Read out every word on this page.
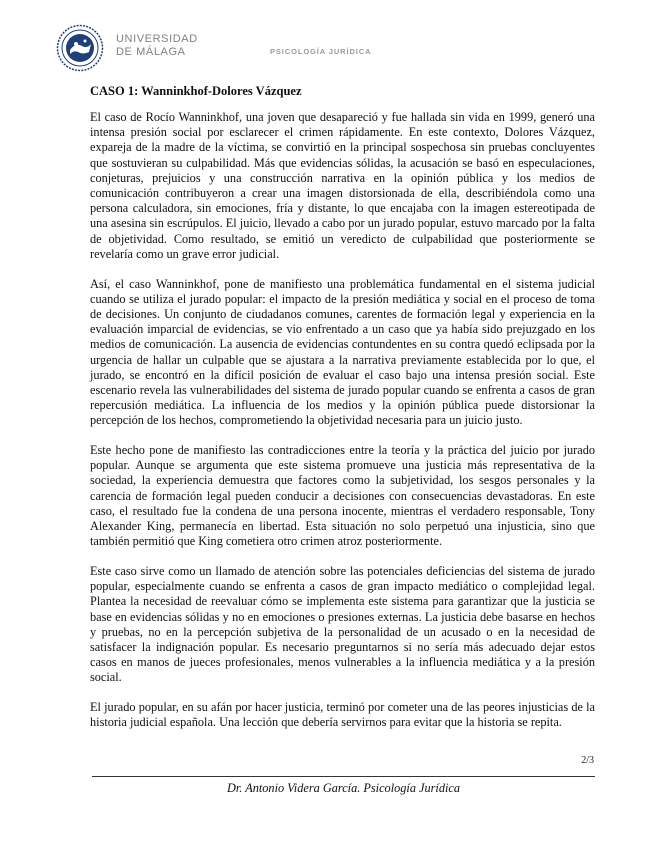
UNIVERSIDAD
DE MÁLAGA	PSICOLOGÍA JURÍDICA
CASO 1: Wanninkhof-Dolores Vázquez

El caso de Rocío Wanninkhof, una joven que desapareció y fue hallada sin vida en 1999, generó una intensa presión social por esclarecer el crimen rápidamente. En este contexto, Dolores Vázquez, expareja de la madre de la víctima, se convirtió en la principal sospechosa sin pruebas concluyentes que sostuvieran su culpabilidad. Más que evidencias sólidas, la acusación se basó en especulaciones, conjeturas, prejuicios y una construcción narrativa en la opinión pública y los medios de comunicación contribuyeron a crear una imagen distorsionada de ella, describiéndola como una persona calculadora, sin emociones, fría y distante, lo que encajaba con la imagen estereotipada de una asesina sin escrúpulos. El juicio, llevado a cabo por un jurado popular, estuvo marcado por la falta de objetividad. Como resultado, se emitió un veredicto de culpabilidad que posteriormente se revelaría como un grave error judicial.

Así, el caso Wanninkhof, pone de manifiesto una problemática fundamental en el sistema judicial cuando se utiliza el jurado popular: el impacto de la presión mediática y social en el proceso de toma de decisiones. Un conjunto de ciudadanos comunes, carentes de formación legal y experiencia en la evaluación imparcial de evidencias, se vio enfrentado a un caso que ya había sido prejuzgado en los medios de comunicación. La ausencia de evidencias contundentes en su contra quedó eclipsada por la urgencia de hallar un culpable que se ajustara a la narrativa previamente establecida por lo que, el jurado, se encontró en la difícil posición de evaluar el caso bajo una intensa presión social. Este escenario revela las vulnerabilidades del sistema de jurado popular cuando se enfrenta a casos de gran repercusión mediática. La influencia de los medios y la opinión pública puede distorsionar la percepción de los hechos, comprometiendo la objetividad necesaria para un juicio justo.

Este hecho pone de manifiesto las contradicciones entre la teoría y la práctica del juicio por jurado popular. Aunque se argumenta que este sistema promueve una justicia más representativa de la sociedad, la experiencia demuestra que factores como la subjetividad, los sesgos personales y la carencia de formación legal pueden conducir a decisiones con consecuencias devastadoras. En este caso, el resultado fue la condena de una persona inocente, mientras el verdadero responsable, Tony Alexander King, permanecía en libertad. Esta situación no solo perpetuó una injusticia, sino que también permitió que King cometiera otro crimen atroz posteriormente.

Este caso sirve como un llamado de atención sobre las potenciales deficiencias del sistema de jurado popular, especialmente cuando se enfrenta a casos de gran impacto mediático o complejidad legal. Plantea la necesidad de reevaluar cómo se implementa este sistema para garantizar que la justicia se base en evidencias sólidas y no en emociones o presiones externas. La justicia debe basarse en hechos y pruebas, no en la percepción subjetiva de la personalidad de un acusado o en la necesidad de satisfacer la indignación popular. Es necesario preguntarnos si no sería más adecuado dejar estos casos en manos de jueces profesionales, menos vulnerables a la influencia mediática y a la presión social.

El jurado popular, en su afán por hacer justicia, terminó por cometer una de las peores injusticias de la historia judicial española. Una lección que debería servirnos para evitar que la historia se repita.

2/3
Dr. Antonio Videra García. Psicología Jurídica
